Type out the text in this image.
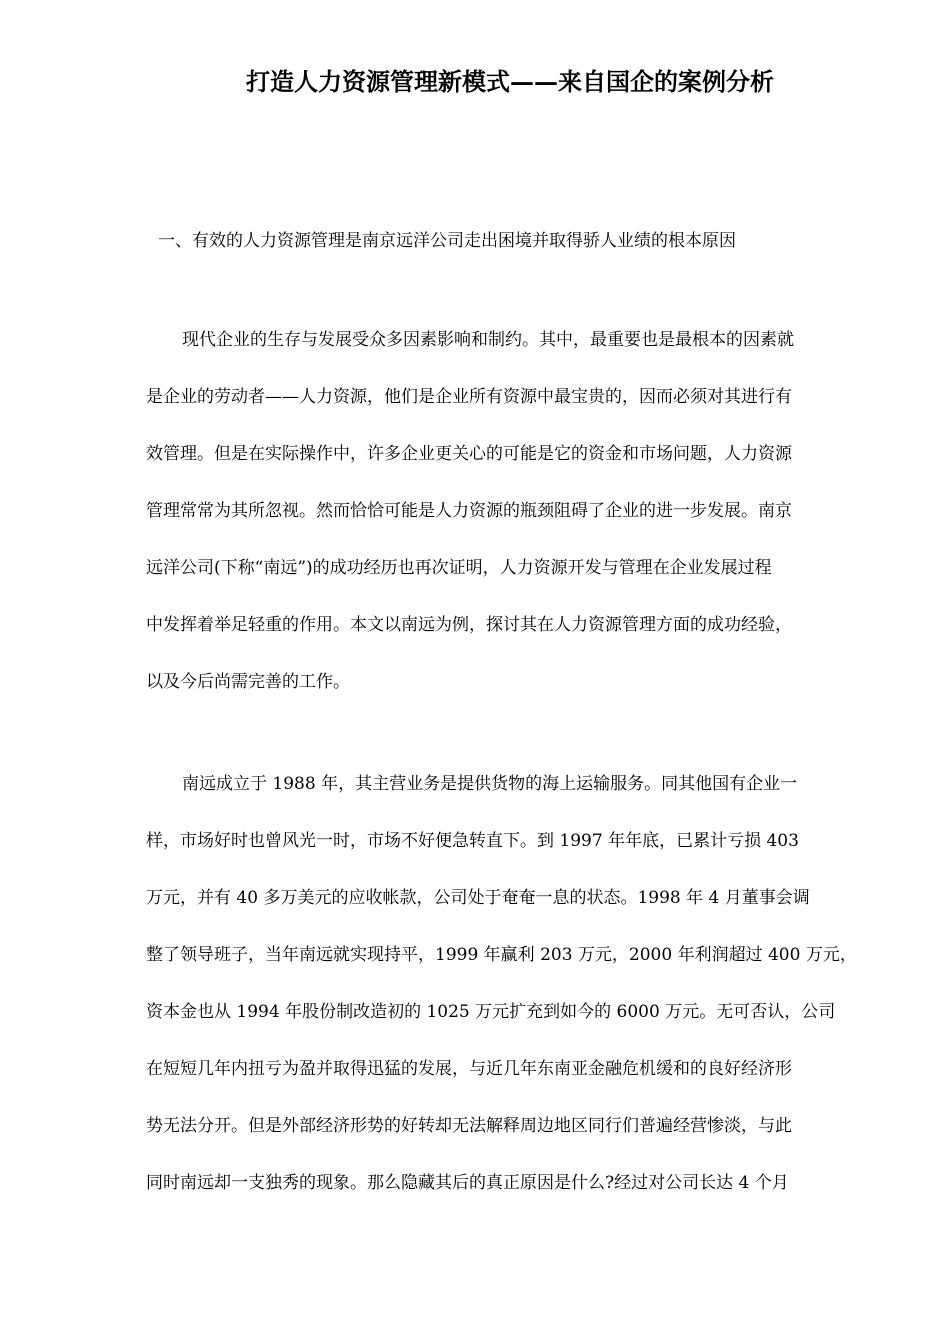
打造人力资源管理新模式——来自国企的案例分析
一、有效的人力资源管理是南京远洋公司走出困境并取得骄人业绩的根本原因
现代企业的生存与发展受众多因素影响和制约。其中，最重要也是最根本的因素就
是企业的劳动者——人力资源，他们是企业所有资源中最宝贵的，因而必须对其进行有
效管理。但是在实际操作中，许多企业更关心的可能是它的资金和市场问题，人力资源
管理常常为其所忽视。然而恰恰可能是人力资源的瓶颈阻碍了企业的进一步发展。南京
远洋公司(下称“南远”)的成功经历也再次证明，人力资源开发与管理在企业发展过程
中发挥着举足轻重的作用。本文以南远为例，探讨其在人力资源管理方面的成功经验，
以及今后尚需完善的工作。
南远成立于 1988 年，其主营业务是提供货物的海上运输服务。同其他国有企业一
样，市场好时也曾风光一时，市场不好便急转直下。到 1997 年年底，已累计亏损 403
万元，并有 40 多万美元的应收帐款，公司处于奄奄一息的状态。1998 年 4 月董事会调
整了领导班子，当年南远就实现持平，1999 年赢利 203 万元，2000 年利润超过 400 万元，
资本金也从 1994 年股份制改造初的 1025 万元扩充到如今的 6000 万元。无可否认，公司
在短短几年内扭亏为盈并取得迅猛的发展，与近几年东南亚金融危机缓和的良好经济形
势无法分开。但是外部经济形势的好转却无法解释周边地区同行们普遍经营惨淡，与此
同时南远却一支独秀的现象。那么隐藏其后的真正原因是什么?经过对公司长达 4 个月
